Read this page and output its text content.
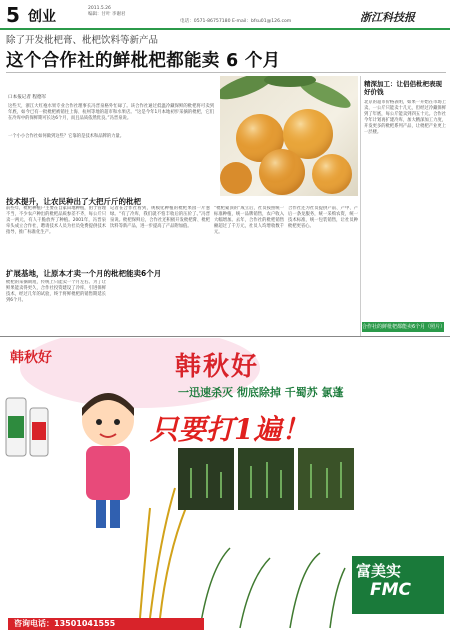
5 创业
2011.5.26
编辑：甘叶 李谢君
电话：0571-86757180 E-mail：bfsu01@126.com	浙江科技报
除了开发枇杷膏、枇杷饮料等新产品
这个合作社的鲜枇杷都能卖 6 个月
口本报记者 程德军
这些天，浙江大红袍水果专业合作社理事长冯晋泉格外忙碌了。该合作社通过低温冷藏保鲜的枇杷将可卖到年底，如今已有一批枇杷被销往上海、杭州等地的超市和水果店。“这是今年1月本地初步采摘的枇杷，它们在冷库中的保鲜期可长达6个月，而且品质依然优良。”冯晋泉说。
一个小小合作社如何做到这些？它靠的是技术和品牌的力量。
技术提升，让农民种出了大把斤斤的枇杷
前些年，枇杷种植户主要在自家田地种植，由于管理不当，不少农户种出的枇杷品质参差不齐，每公斤只卖一两元，有人干脆放弃了种植。2001年，冯晋泉牵头成立合作社，聘请技术人员为社员免费提供技术指导，推广标准化生产。
扩展基地，让原本才卖一个月的枇杷能卖6个月
枇杷的采摘期短，传统上只能卖一个月左右。为了让鲜果能卖得更久，合作社投资建设了冷库，引进保鲜技术，经过几年的试验，终于将鲜枇杷的销售期延长到6个月。
记者在合作社看到，规模化种植的枇杷果园一片葱绿。“有了冷库，我们就不怕丰收后的压价了。”冯晋泉说。枇杷保鲜后，合作社还积极开发枇杷膏、枇杷饮料等新产品，进一步提高了产品附加值。
“枇杷蒙顶的”成立后，社员按照统一标准种植，统一品牌销售，农户收入大幅增加。去年，合作社的枇杷销售额超过了千万元，社员人均增收数千元。
合作社还为社员提供产前、产中、产后一条龙服务，统一采购农资，统一技术标准，统一包装销售，让社员种枇杷更省心。
精深加工：让侣侣枇杷表现好价钱
北京的超市价格表明，如果一开始在市场上卖，一公斤只能卖十几元，但经过冷藏保鲜到了年底，每公斤能卖到四五十元。合作社今年计划再扩建冷库，加大精深加工力度，开发更多的枇杷系列产品，让枇杷产业更上一层楼。
合作社的鲜枇杷都能卖6个月（照片）
韩秋好	韩秋好
一迅速杀灭 彻底除掉 千蜀苏 氯蓬
只要打1遍！
富美实
FMC
咨询电话：13501041555
